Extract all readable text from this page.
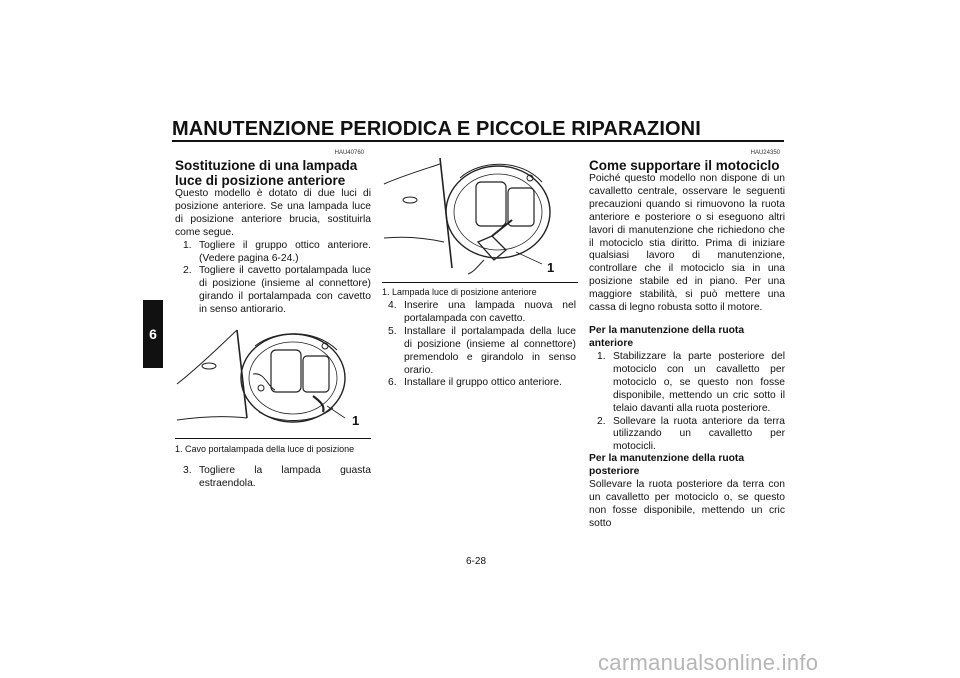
MANUTENZIONE PERIODICA E PICCOLE RIPARAZIONI
6
HAU40760
Sostituzione di una lampada luce di posizione anteriore

Questo modello è dotato di due luci di posizione anteriore. Se una lampada luce di posizione anteriore brucia, sostituirla come segue.

1. Togliere il gruppo ottico anteriore. (Vedere pagina 6-24.)
2. Togliere il cavetto portalampada luce di posizione (insieme al connettore) girando il portalampada con cavetto in senso antiorario.
1
1. Cavo portalampada della luce di posizione
3. Togliere la lampada guasta estraendola.
1
1. Lampada luce di posizione anteriore
4. Inserire una lampada nuova nel portalampada con cavetto.
5. Installare il portalampada della luce di posizione (insieme al connettore) premendolo e girandolo in senso orario.
6. Installare il gruppo ottico anteriore.
HAU24350
Come supportare il motociclo

Poiché questo modello non dispone di un cavalletto centrale, osservare le seguenti precauzioni quando si rimuovono la ruota anteriore e posteriore o si eseguono altri lavori di manutenzione che richiedono che il motociclo stia diritto. Prima di iniziare qualsiasi lavoro di manutenzione, controllare che il motociclo sia in una posizione stabile ed in piano. Per una maggiore stabilità, si può mettere una cassa di legno robusta sotto il motore.

Per la manutenzione della ruota anteriore
1. Stabilizzare la parte posteriore del motociclo con un cavalletto per motociclo o, se questo non fosse disponibile, mettendo un cric sotto il telaio davanti alla ruota posteriore.
2. Sollevare la ruota anteriore da terra utilizzando un cavalletto per motocicli.
Per la manutenzione della ruota posteriore

Sollevare la ruota posteriore da terra con un cavalletto per motociclo o, se questo non fosse disponibile, mettendo un cric sotto

6-28
carmanualsonline.info
